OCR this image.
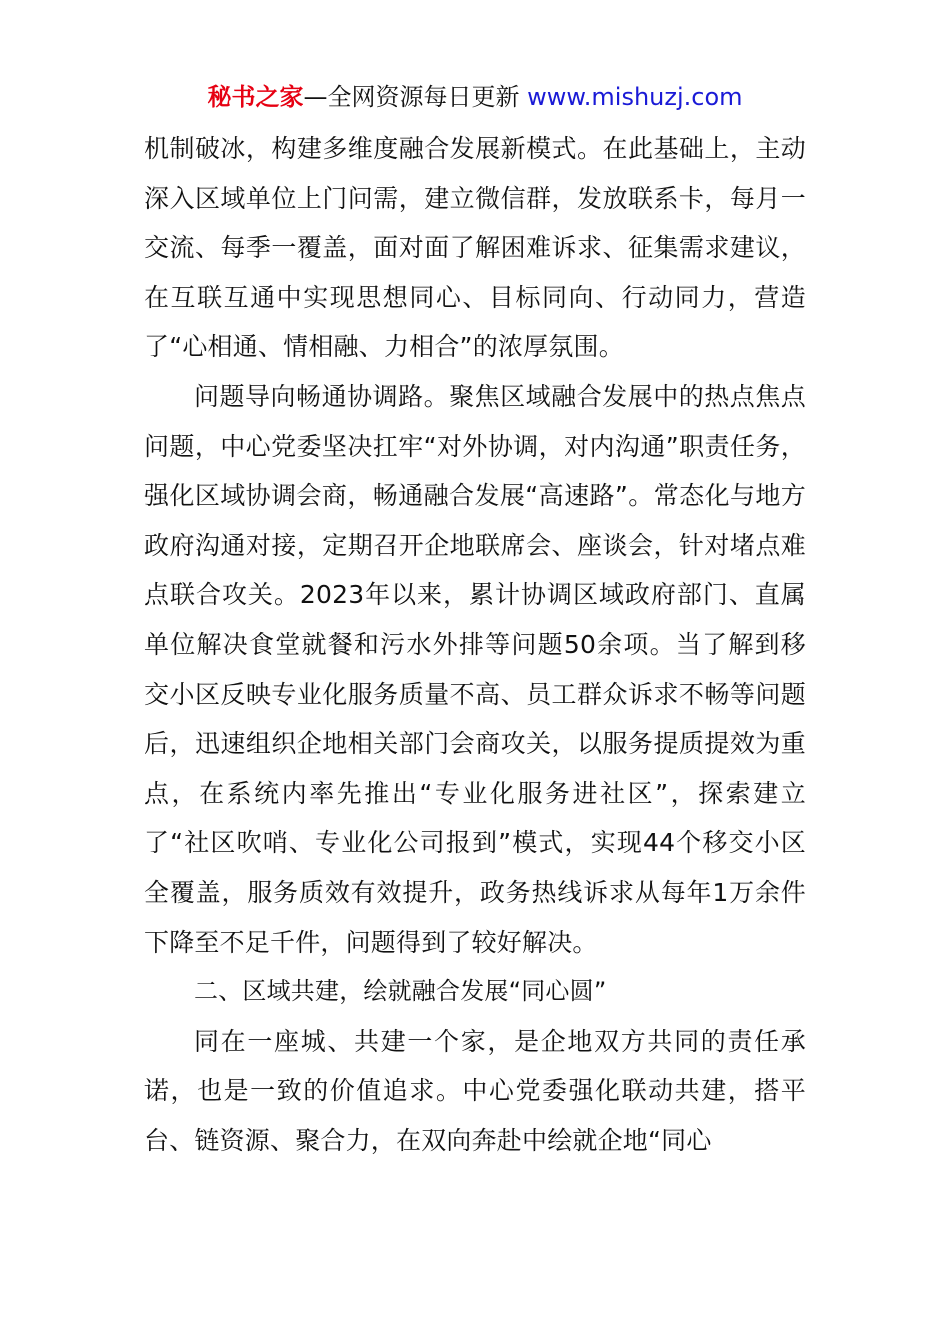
秘书之家—全网资源每日更新 www.mishuzj.com

机制破冰，构建多维度融合发展新模式。在此基础上，主动深入区域单位上门问需，建立微信群，发放联系卡，每月一交流、每季一覆盖，面对面了解困难诉求、征集需求建议，在互联互通中实现思想同心、目标同向、行动同力，营造了“心相通、情相融、力相合”的浓厚氛围。

问题导向畅通协调路。聚焦区域融合发展中的热点焦点问题，中心党委坚决扛牢“对外协调，对内沟通”职责任务，强化区域协调会商，畅通融合发展“高速路”。常态化与地方政府沟通对接，定期召开企地联席会、座谈会，针对堵点难点联合攻关。2023年以来，累计协调区域政府部门、直属单位解决食堂就餐和污水外排等问题50余项。当了解到移交小区反映专业化服务质量不高、员工群众诉求不畅等问题后，迅速组织企地相关部门会商攻关，以服务提质提效为重点，在系统内率先推出“专业化服务进社区”，探索建立了“社区吹哨、专业化公司报到”模式，实现44个移交小区全覆盖，服务质效有效提升，政务热线诉求从每年1万余件下降至不足千件，问题得到了较好解决。

二、区域共建，绘就融合发展“同心圆”

同在一座城、共建一个家，是企地双方共同的责任承诺，也是一致的价值追求。中心党委强化联动共建，搭平台、链资源、聚合力，在双向奔赴中绘就企地“同心
